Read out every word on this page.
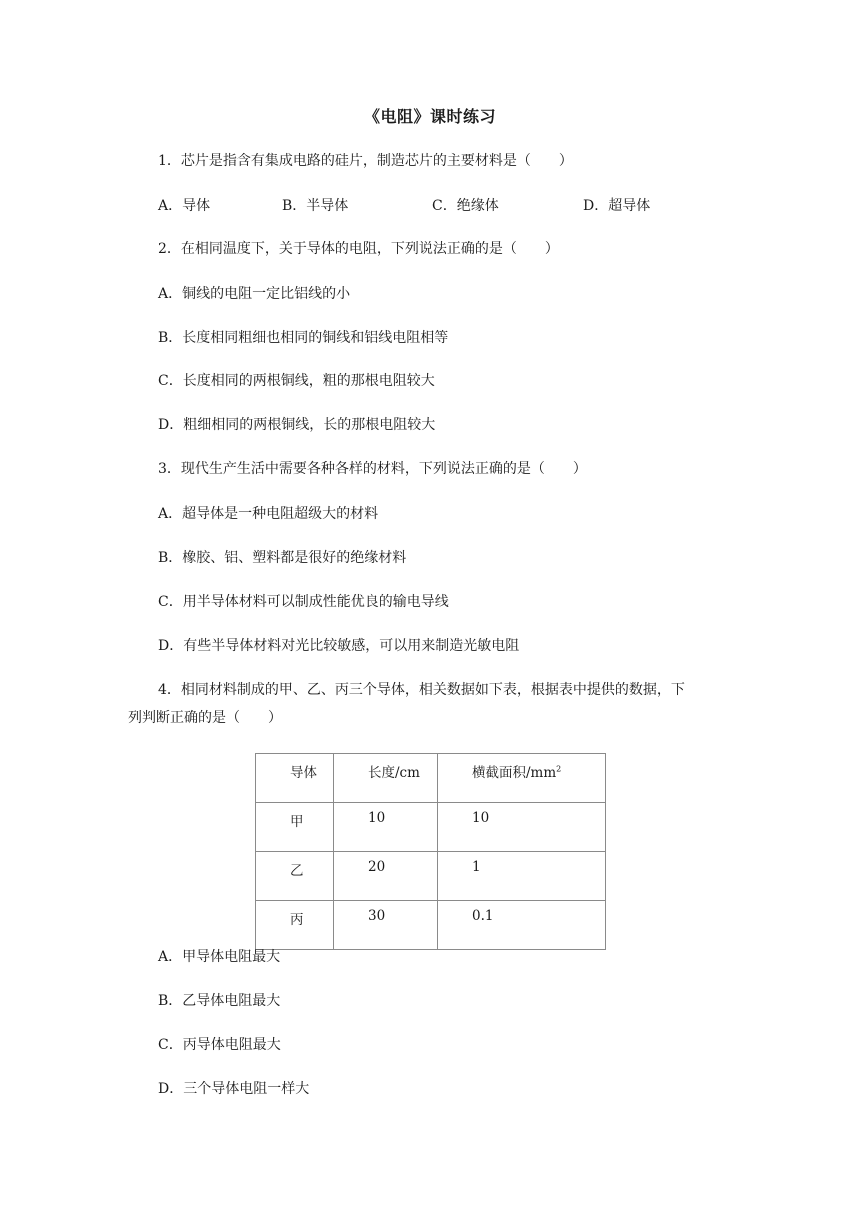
《电阻》课时练习
1．芯片是指含有集成电路的硅片，制造芯片的主要材料是（　　）
A．导体	B．半导体	C．绝缘体	D．超导体
2．在相同温度下，关于导体的电阻，下列说法正确的是（　　）
A．铜线的电阻一定比铝线的小
B．长度相同粗细也相同的铜线和铝线电阻相等
C．长度相同的两根铜线，粗的那根电阻较大
D．粗细相同的两根铜线，长的那根电阻较大
3．现代生产生活中需要各种各样的材料，下列说法正确的是（　　）
A．超导体是一种电阻超级大的材料
B．橡胶、铝、塑料都是很好的绝缘材料
C．用半导体材料可以制成性能优良的输电导线
D．有些半导体材料对光比较敏感，可以用来制造光敏电阻
4．相同材料制成的甲、乙、丙三个导体，相关数据如下表，根据表中提供的数据，下
列判断正确的是（　　）
导体	长度/cm	横截面积$/mm^2$
甲	10	10
乙	20	1
丙	30	0.1
A．甲导体电阻最大
B．乙导体电阻最大
C．丙导体电阻最大
D．三个导体电阻一样大
